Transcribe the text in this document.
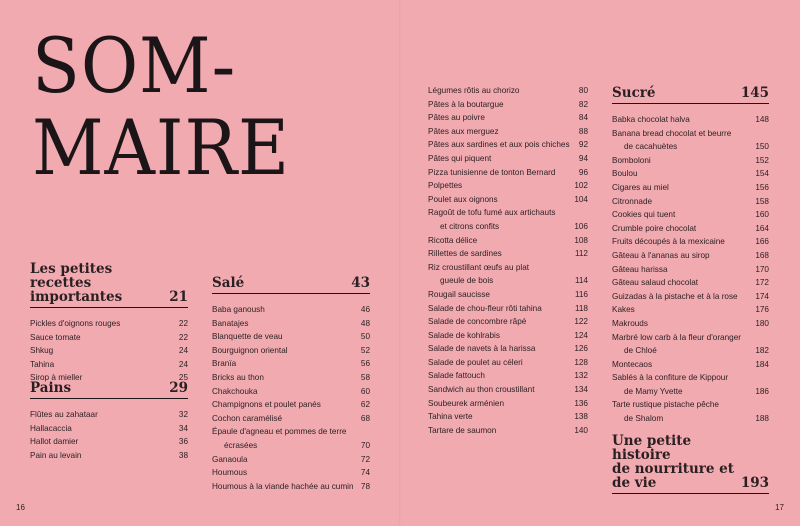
SOM-
MAIRE
Les petites recettes
importantes	21
Pickles d'oignons rouges	22
Sauce tomate	22
Shkug	24
Tahina	24
Sirop à mieller	25
Pains	29
Flûtes au zahataar	32
Hallacaccia	34
Hallot damier	36
Pain au levain	38
Salé	43
Baba ganoush	46
Banatajes	48
Blanquette de veau	50
Bourguignon oriental	52
Branïa	56
Bricks au thon	58
Chakchouka	60
Champignons et poulet panés	62
Cochon caramélisé	68
Épaule d'agneau et pommes de terre
écrasées	70
Ganaoula	72
Houmous	74
Houmous à la viande hachée au cumin 78
Légumes rôtis au chorizo	80
Pâtes à la boutargue	82
Pâtes au poivre	84
Pâtes aux merguez	88
Pâtes aux sardines et aux pois chiches 92
Pâtes qui piquent	94
Pizza tunisienne de tonton Bernard	96
Polpettes	102
Poulet aux oignons	104
Ragoût de tofu fumé aux artichauts
et citrons confits	106
Ricotta délice	108
Rillettes de sardines	112
Riz croustillant œufs au plat
gueule de bois	114
Rougail saucisse	116
Salade de chou-fleur rôti tahina	118
Salade de concombre râpé	122
Salade de kohlrabis	124
Salade de navets à la harissa	126
Salade de poulet au céleri	128
Salade fattouch	132
Sandwich au thon croustillant	134
Soubeurek arménien	136
Tahina verte	138
Tartare de saumon	140
Sucré	145
Babka chocolat halva	148
Banana bread chocolat et beurre
de cacahuètes	150
Bomboloni	152
Boulou	154
Cigares au miel	156
Citronnade	158
Cookies qui tuent	160
Crumble poire chocolat	164
Fruits découpés à la mexicaine	166
Gâteau à l'ananas au sirop	168
Gâteau harissa	170
Gâteau salaud chocolat	172
Guizadas à la pistache et à la rose 174
Kakes	176
Makrouds	180
Marbré low carb à la fleur d'oranger
de Chloé	182
Montecaos	184
Sablés à la confiture de Kippour
de Mamy Yvette	186
Tarte rustique pistache pêche
de Shalom	188
Une petite histoire
de nourriture et de vie	193
16	17
